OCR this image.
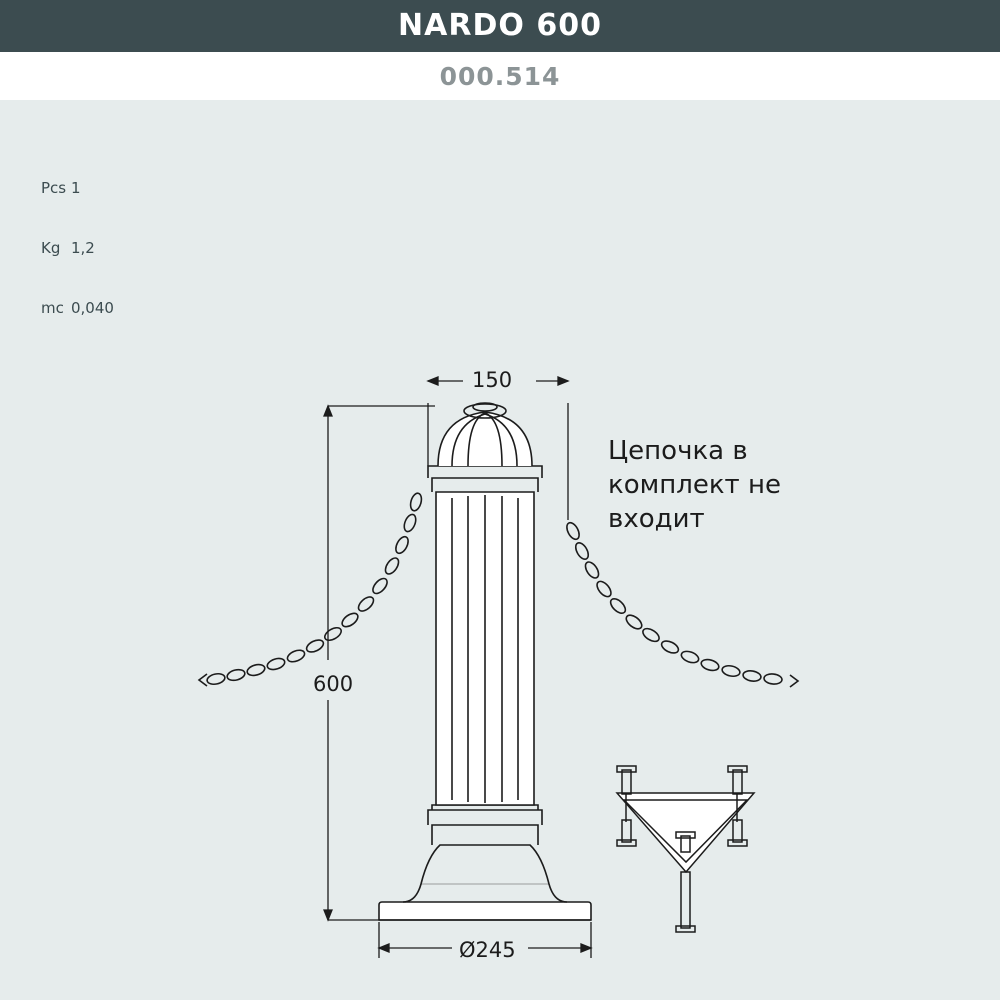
NARDO 600
000.514

Pcs 1

Kg 1,2

mc 0,040

150
600
Ø245
Цепочка в комплект не входит
